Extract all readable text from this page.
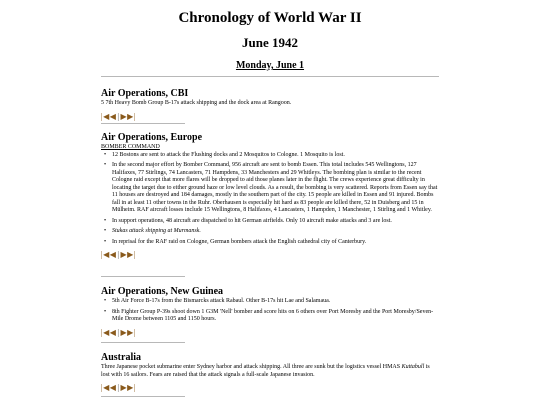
Chronology of World War II
June 1942
Monday, June 1
Air Operations, CBI
5 7th Heavy Bomb Group B-17s attack shipping and the dock area at Rangoon.
|◀◀|▶▶|
Air Operations, Europe
BOMBER COMMAND
• 12 Bostons are sent to attack the Flushing docks and 2 Mosquitos to Cologne. 1 Mosquito is lost.
• In the second major effort by Bomber Command, 956 aircraft are sent to bomb Essen. This total includes 545 Wellingtons, 127 Halifaxes, 77 Stirlings, 74 Lancasters, 71 Hampdens, 33 Manchesters and 29 Whitleys. The bombing plan is similar to the recent Cologne raid except that more flares will be dropped to aid those planes later in the flight. The crews experience great difficulty in locating the target due to either ground haze or low level clouds. As a result, the bombing is very scattered. Reports from Essen say that 11 houses are destroyed and 184 damages, mostly in the southern part of the city. 15 people are killed in Essen and 91 injured. Bombs fall in at least 11 other towns in the Ruhr. Oberhausen is especially hit hard as 83 people are killed there, 52 in Duisberg and 15 in Mülheim. RAF aircraft losses include 15 Wellingtons, 8 Halifaxes, 4 Lancasters, 1 Hampden, 1 Manchester, 1 Stirling and 1 Whitley.
• In support operations, 48 aircraft are dispatched to hit German airfields. Only 10 aircraft make attacks and 3 are lost.
• Stukas attack shipping at Murmansk.
• In reprisal for the RAF raid on Cologne, German bombers attack the English cathedral city of Canterbury.
|◀◀|▶▶|
Air Operations, New Guinea
• 5th Air Force B-17s from the Bismarcks attack Rabaul. Other B-17s hit Lae and Salamaua.
• 8th Fighter Group P-39s shoot down 1 G3M 'Nell' bomber and score hits on 6 others over Port Moresby and the Port Moresby/Seven-Mile Drome between 1105 and 1150 hours.
|◀◀|▶▶|
Australia
Three Japanese pocket submarine enter Sydney harbor and attack shipping. All three are sunk but the logistics vessel HMAS Kuttabull is lost with 16 sailors. Fears are raised that the attack signals a full-scale Japanese invasion.
|◀◀|▶▶|
